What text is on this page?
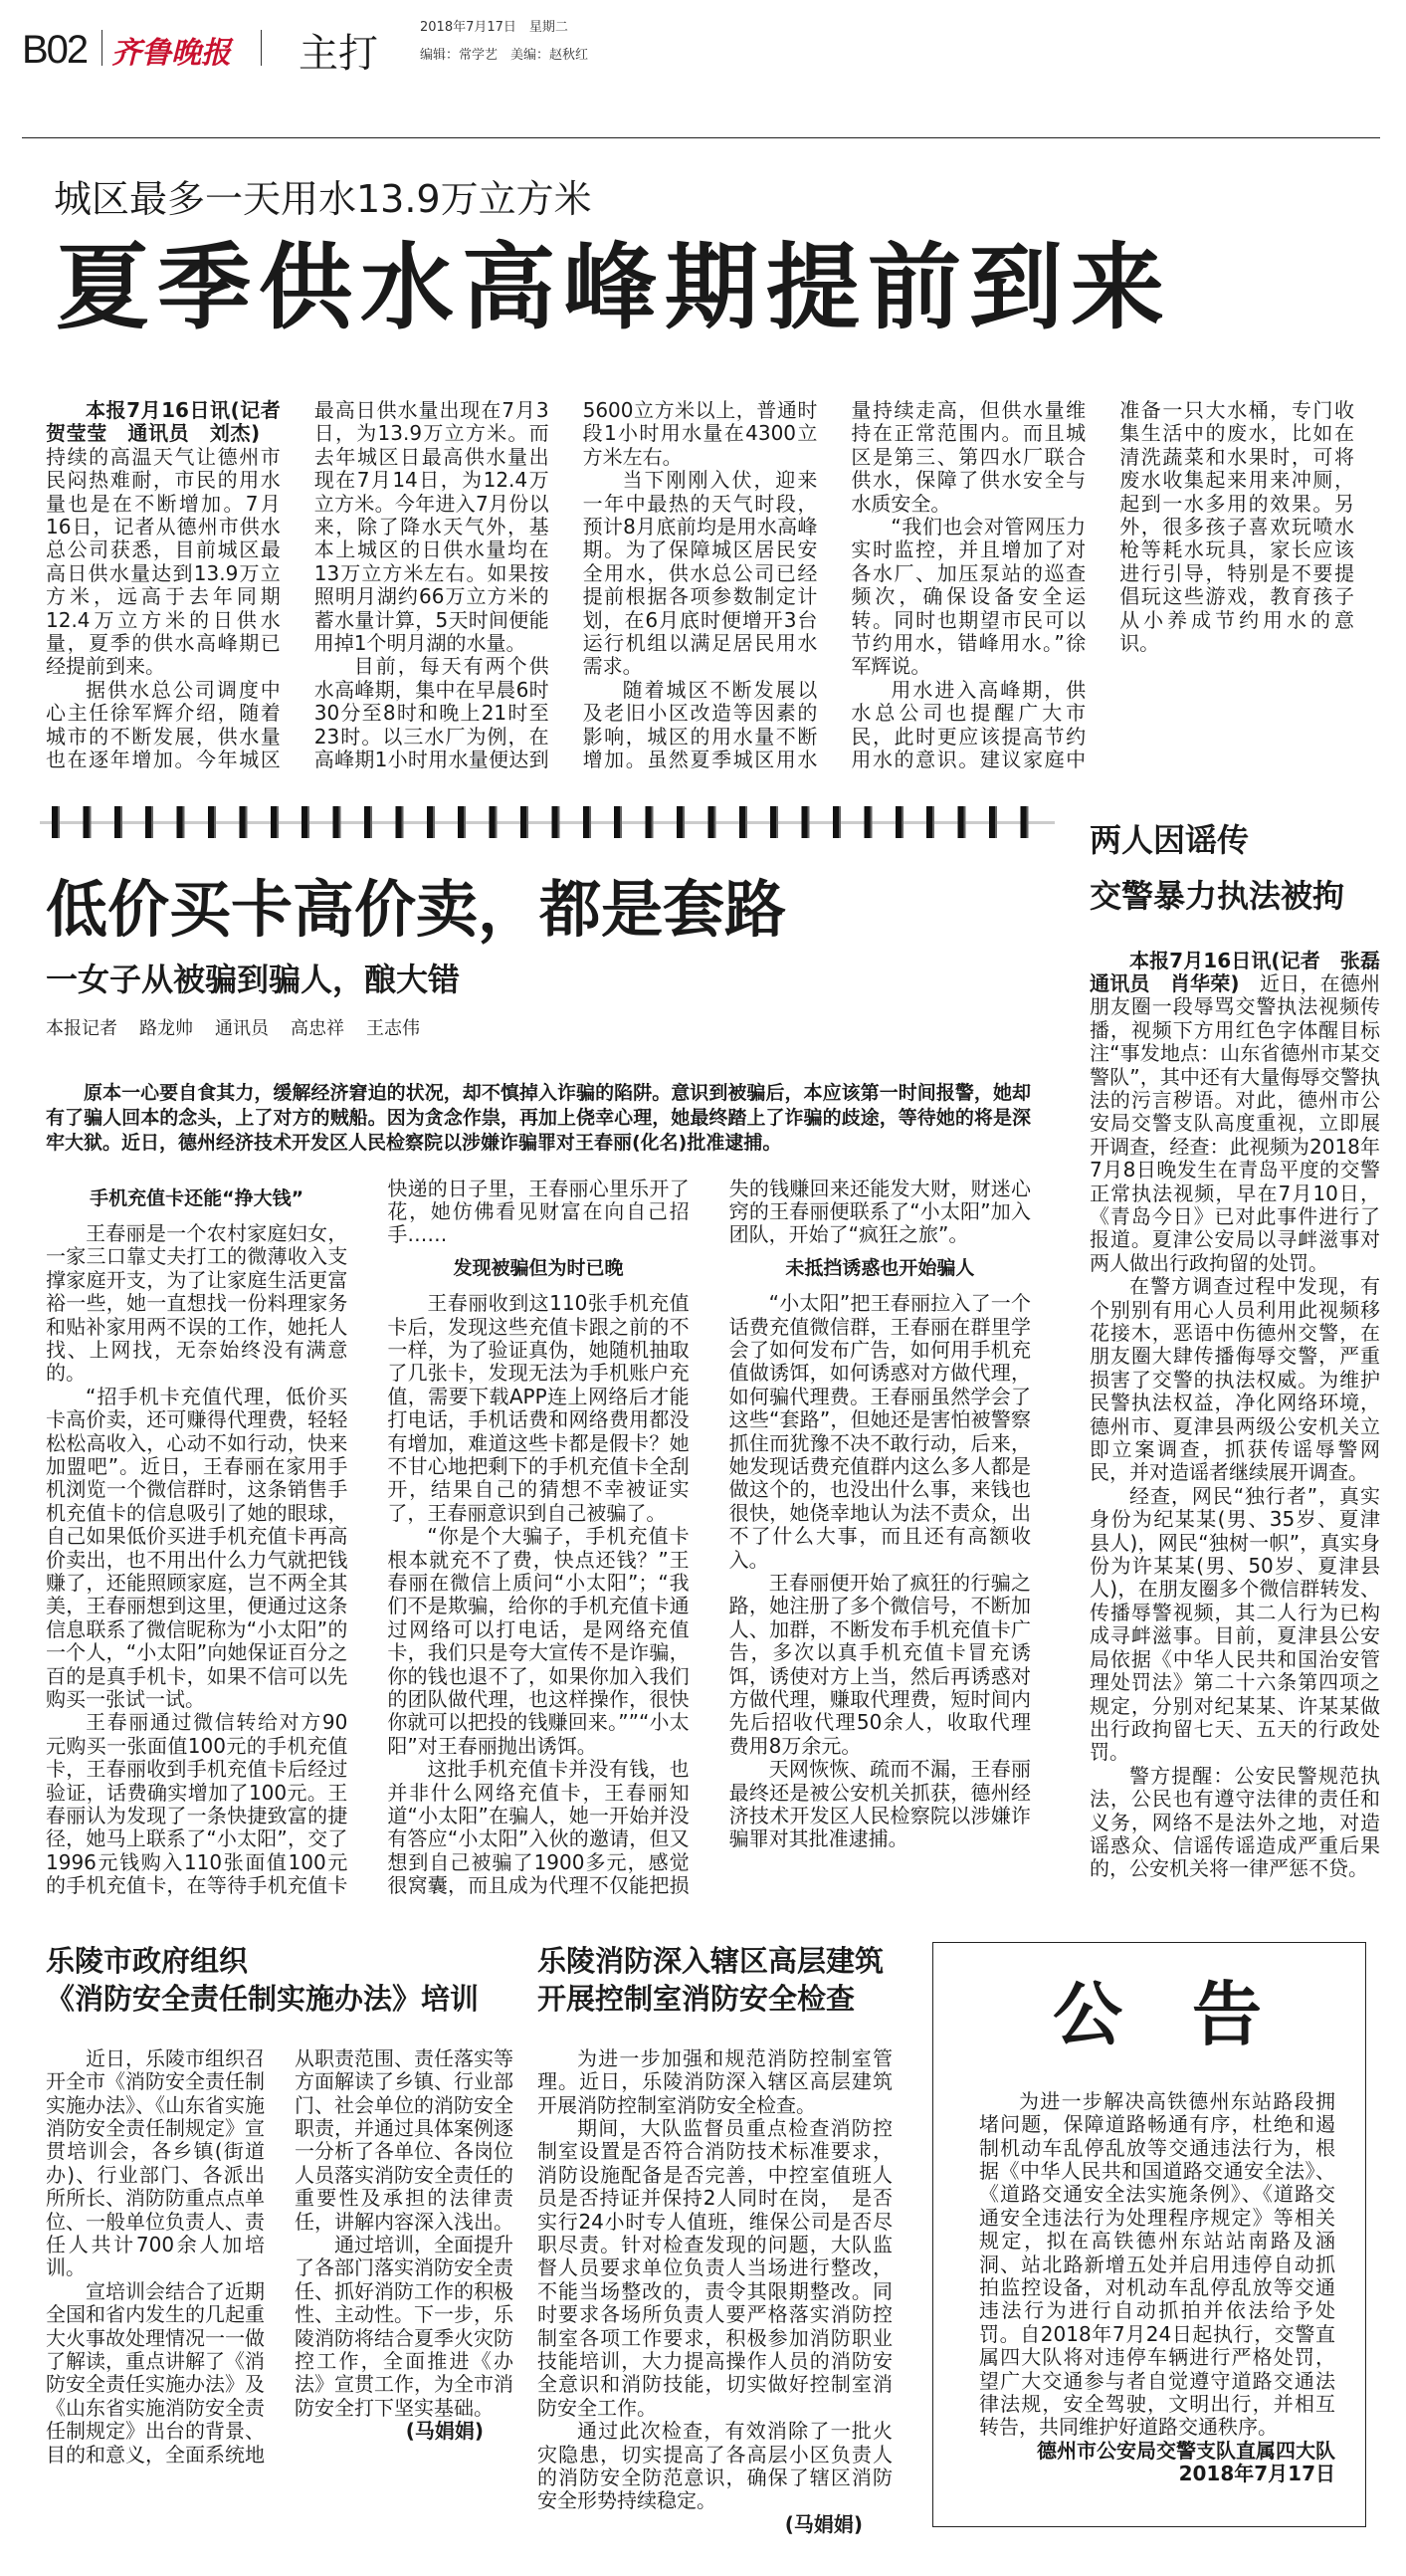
B02 齐鲁晚报 主打
2018年7月17日　星期二
编辑：常学艺　美编：赵秋红
城区最多一天用水13.9万立方米
夏季供水高峰期提前到来

本报7月16日讯(记者　贺莹莹　通讯员　刘杰)　持续的高温天气让德州市民闷热难耐，市民的用水量也是在不断增加。7月16日，记者从德州市供水总公司获悉，目前城区最高日供水量达到13.9万立方米，远高于去年同期12.4万立方米的日供水量，夏季的供水高峰期已经提前到来。

据供水总公司调度中心主任徐军辉介绍，随着城市的不断发展，供水量也在逐年增加。今年城区最高日供水量出现在7月3日，为13.9万立方米。而去年城区日最高供水量出现在7月14日，为12.4万立方米。今年进入7月份以来，除了降水天气外，基本上城区的日供水量均在13万立方米左右。如果按照明月湖约66万立方米的蓄水量计算，5天时间便能用掉1个明月湖的水量。

目前，每天有两个供水高峰期，集中在早晨6时30分至8时和晚上21时至23时。以三水厂为例，在高峰期1小时用水量便达到5600立方米以上，普通时段1小时用水量在4300立方米左右。

当下刚刚入伏，迎来一年中最热的天气时段，预计8月底前均是用水高峰期。为了保障城区居民安全用水，供水总公司已经提前根据各项参数制定计划，在6月底时便增开3台运行机组以满足居民用水需求。

随着城区不断发展以及老旧小区改造等因素的影响，城区的用水量不断增加。虽然夏季城区用水量持续走高，但供水量维持在正常范围内。而且城区是第三、第四水厂联合供水，保障了供水安全与水质安全。

“我们也会对管网压力实时监控，并且增加了对各水厂、加压泵站的巡查频次，确保设备安全运转。同时也期望市民可以节约用水，错峰用水。”徐军辉说。

用水进入高峰期，供水总公司也提醒广大市民，此时更应该提高节约用水的意识。建议家庭中准备一只大水桶，专门收集生活中的废水，比如在清洗蔬菜和水果时，可将废水收集起来用来冲厕，起到一水多用的效果。另外，很多孩子喜欢玩喷水枪等耗水玩具，家长应该进行引导，特别是不要提倡玩这些游戏，教育孩子从小养成节约用水的意识。

低价买卡高价卖，都是套路
一女子从被骗到骗人，酿大错
本报记者 路龙帅 通讯员 高忠祥 王志伟

原本一心要自食其力，缓解经济窘迫的状况，却不慎掉入诈骗的陷阱。意识到被骗后，本应该第一时间报警，她却有了骗人回本的念头，上了对方的贼船。因为贪念作祟，再加上侥幸心理，她最终踏上了诈骗的歧途，等待她的将是深牢大狱。近日，德州经济技术开发区人民检察院以涉嫌诈骗罪对王春丽(化名)批准逮捕。

手机充值卡还能“挣大钱”

王春丽是一个农村家庭妇女，一家三口靠丈夫打工的微薄收入支撑家庭开支，为了让家庭生活更富裕一些，她一直想找一份料理家务和贴补家用两不误的工作，她托人找、上网找，无奈始终没有满意的。

“招手机卡充值代理，低价买卡高价卖，还可赚得代理费，轻轻松松高收入，心动不如行动，快来加盟吧”。近日，王春丽在家用手机浏览一个微信群时，这条销售手机充值卡的信息吸引了她的眼球，自己如果低价买进手机充值卡再高价卖出，也不用出什么力气就把钱赚了，还能照顾家庭，岂不两全其美，王春丽想到这里，便通过这条信息联系了微信昵称为“小太阳”的一个人，“小太阳”向她保证百分之百的是真手机卡，如果不信可以先购买一张试一试。

王春丽通过微信转给对方90元购买一张面值100元的手机充值卡，王春丽收到手机充值卡后经过验证，话费确实增加了100元。王春丽认为发现了一条快捷致富的捷径，她马上联系了“小太阳”，交了1996元钱购入110张面值100元的手机充值卡，在等待手机充值卡快递的日子里，王春丽心里乐开了花，她仿佛看见财富在向自己招手……

发现被骗但为时已晚

王春丽收到这110张手机充值卡后，发现这些充值卡跟之前的不一样，为了验证真伪，她随机抽取了几张卡，发现无法为手机账户充值，需要下载APP连上网络后才能打电话，手机话费和网络费用都没有增加，难道这些卡都是假卡？她不甘心地把剩下的手机充值卡全刮开，结果自己的猜想不幸被证实了，王春丽意识到自己被骗了。

“你是个大骗子，手机充值卡根本就充不了费，快点还钱？”王春丽在微信上质问“小太阳”；“我们不是欺骗，给你的手机充值卡通过网络可以打电话，是网络充值卡，我们只是夸大宣传不是诈骗，你的钱也退不了，如果你加入我们的团队做代理，也这样操作，很快你就可以把投的钱赚回来。””“小太阳”对王春丽抛出诱饵。

这批手机充值卡并没有钱，也并非什么网络充值卡，王春丽知道“小太阳”在骗人，她一开始并没有答应“小太阳”入伙的邀请，但又想到自己被骗了1900多元，感觉很窝囊，而且成为代理不仅能把损失的钱赚回来还能发大财，财迷心窍的王春丽便联系了“小太阳”加入团队，开始了“疯狂之旅”。

未抵挡诱惑也开始骗人

“小太阳”把王春丽拉入了一个话费充值微信群，王春丽在群里学会了如何发布广告，如何用手机充值做诱饵，如何诱惑对方做代理，如何骗代理费。王春丽虽然学会了这些“套路”，但她还是害怕被警察抓住而犹豫不决不敢行动，后来，她发现话费充值群内这么多人都是做这个的，也没出什么事，来钱也很快，她侥幸地认为法不责众，出不了什么大事，而且还有高额收入。

王春丽便开始了疯狂的行骗之路，她注册了多个微信号，不断加人、加群，不断发布手机充值卡广告，多次以真手机充值卡冒充诱饵，诱使对方上当，然后再诱惑对方做代理，赚取代理费，短时间内先后招收代理50余人，收取代理费用8万余元。

天网恢恢、疏而不漏，王春丽最终还是被公安机关抓获，德州经济技术开发区人民检察院以涉嫌诈骗罪对其批准逮捕。

两人因谣传
交警暴力执法被拘

本报7月16日讯(记者　张磊　通讯员　肖华荣)　近日，在德州朋友圈一段辱骂交警执法视频传播，视频下方用红色字体醒目标注“事发地点：山东省德州市某交警队”，其中还有大量侮辱交警执法的污言秽语。对此，德州市公安局交警支队高度重视，立即展开调查，经查：此视频为2018年7月8日晚发生在青岛平度的交警正常执法视频，早在7月10日，《青岛今日》已对此事件进行了报道。夏津公安局以寻衅滋事对两人做出行政拘留的处罚。

在警方调查过程中发现，有个别别有用心人员利用此视频移花接木，恶语中伤德州交警，在朋友圈大肆传播侮辱交警，严重损害了交警的执法权威。为维护民警执法权益，净化网络环境，德州市、夏津县两级公安机关立即立案调查，抓获传谣辱警网民，并对造谣者继续展开调查。

经查，网民“独行者”，真实身份为纪某某(男、35岁、夏津县人)，网民“独树一帜”，真实身份为许某某(男、50岁、夏津县人)，在朋友圈多个微信群转发、传播辱警视频，其二人行为已构成寻衅滋事。目前，夏津县公安局依据《中华人民共和国治安管理处罚法》第二十六条第四项之规定，分别对纪某某、许某某做出行政拘留七天、五天的行政处罚。

警方提醒：公安民警规范执法，公民也有遵守法律的责任和义务，网络不是法外之地，对造谣惑众、信谣传谣造成严重后果的，公安机关将一律严惩不贷。

乐陵市政府组织
《消防安全责任制实施办法》培训

近日，乐陵市组织召开全市《消防安全责任制实施办法》、《山东省实施消防安全责任制规定》宣贯培训会，各乡镇(街道办)、行业部门、各派出所所长、消防防重点点单位、一般单位负责人、责任人共计700余人加培训。

宣培训会结合了近期全国和省内发生的几起重大火事故处理情况一一做了解读，重点讲解了《消防安全责任实施办法》及《山东省实施消防安全责任制规定》出台的背景、目的和意义，全面系统地从职责范围、责任落实等方面解读了乡镇、行业部门、社会单位的消防安全职责，并通过具体案例逐一分析了各单位、各岗位人员落实消防安全责任的重要性及承担的法律责任，讲解内容深入浅出。

通过培训，全面提升了各部门落实消防安全责任、抓好消防工作的积极性、主动性。下一步，乐陵消防将结合夏季火灾防控工作，全面推进《办法》宣贯工作，为全市消防安全打下坚实基础。

(马娟娟)

乐陵消防深入辖区高层建筑
开展控制室消防安全检查

为进一步加强和规范消防控制室管理。近日，乐陵消防深入辖区高层建筑开展消防控制室消防安全检查。

期间，大队监督员重点检查消防控制室设置是否符合消防技术标准要求，消防设施配备是否完善，中控室值班人员是否持证并保持2人同时在岗，　是否实行24小时专人值班，维保公司是否尽职尽责。针对检查发现的问题，大队监督人员要求单位负责人当场进行整改，不能当场整改的，责令其限期整改。同时要求各场所负责人要严格落实消防控制室各项工作要求，积极参加消防职业技能培训，大力提高操作人员的消防安全意识和消防技能，切实做好控制室消防安全工作。

通过此次检查，有效消除了一批火灾隐患，切实提高了各高层小区负责人的消防安全防范意识，确保了辖区消防安全形势持续稳定。

(马娟娟)

公告

为进一步解决高铁德州东站路段拥堵问题，保障道路畅通有序，杜绝和遏制机动车乱停乱放等交通违法行为，根据《中华人民共和国道路交通安全法》、《道路交通安全法实施条例》、《道路交通安全违法行为处理程序规定》等相关规定，拟在高铁德州东站站南路及涵洞、站北路新增五处并启用违停自动抓拍监控设备，对机动车乱停乱放等交通违法行为进行自动抓拍并依法给予处罚。自2018年7月24日起执行，交警直属四大队将对违停车辆进行严格处罚，望广大交通参与者自觉遵守道路交通法律法规，安全驾驶，文明出行，并相互转告，共同维护好道路交通秩序。

德州市公安局交警支队直属四大队

2018年7月17日
